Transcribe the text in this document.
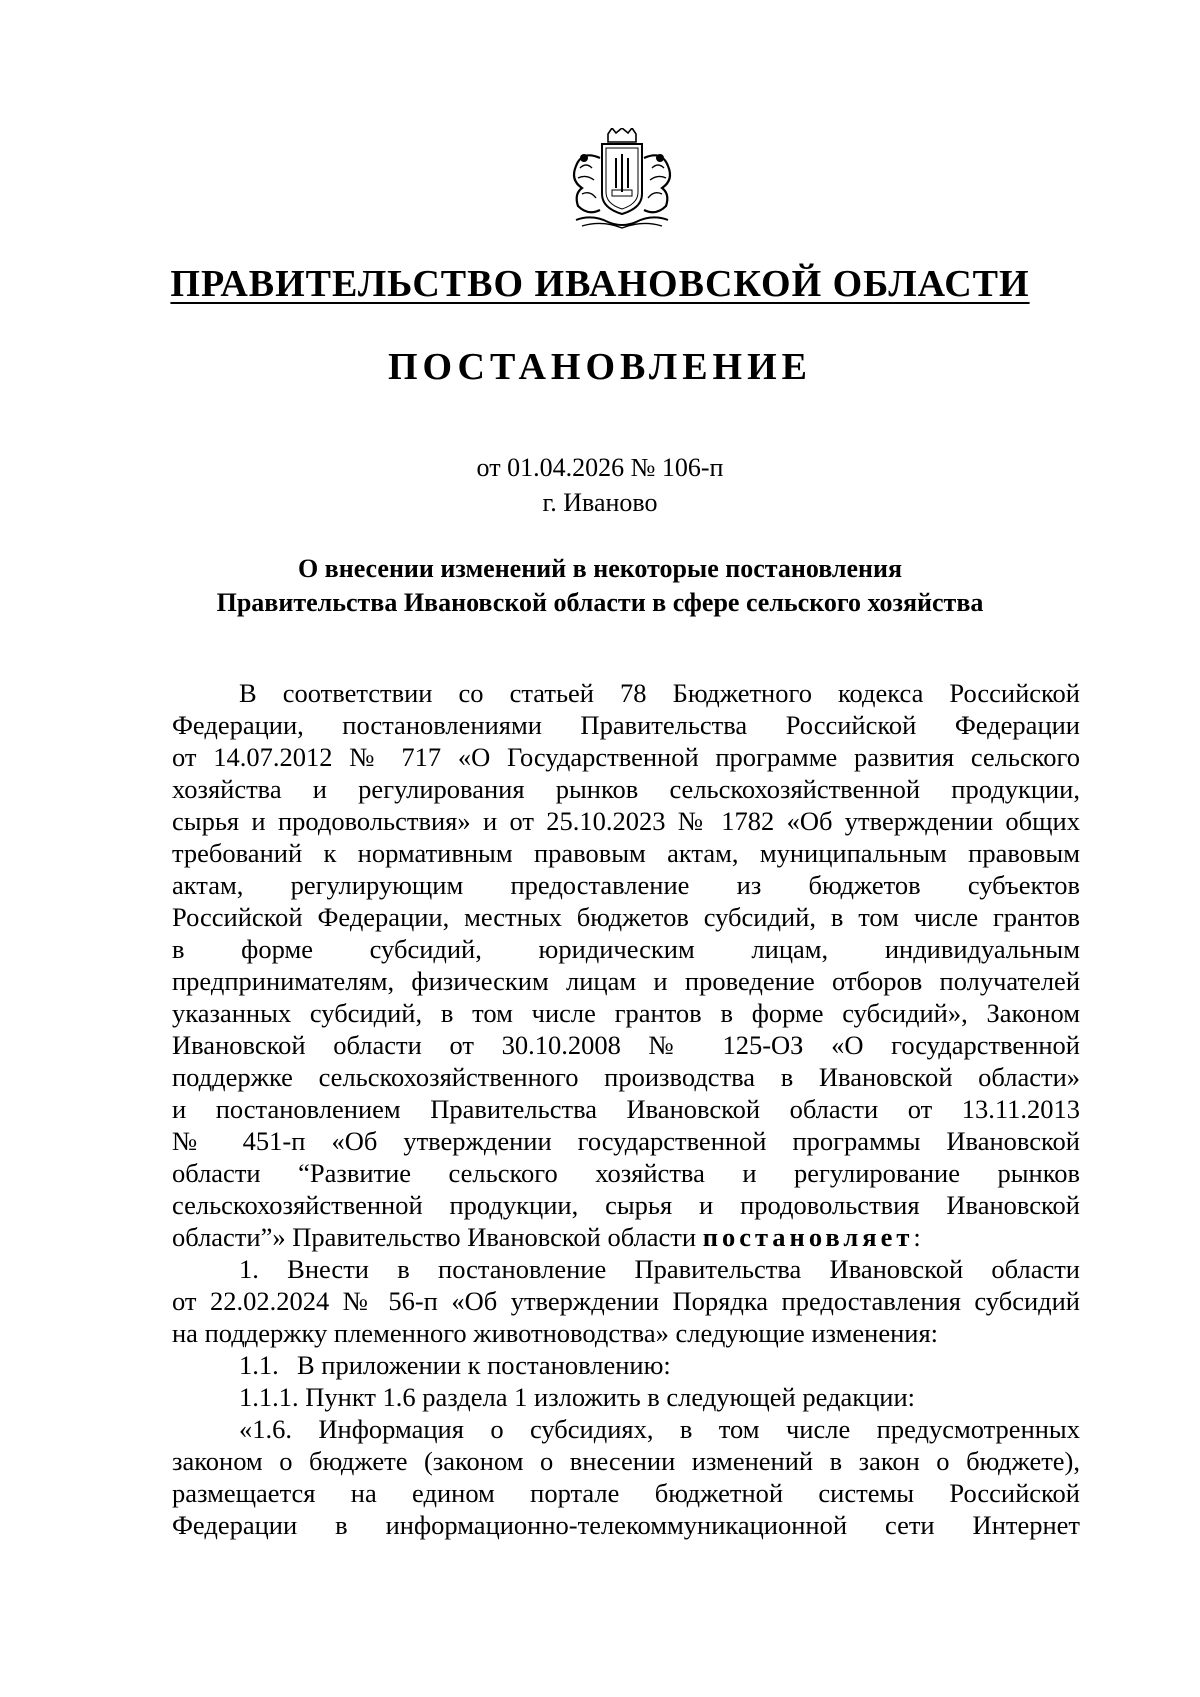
ПРАВИТЕЛЬСТВО ИВАНОВСКОЙ ОБЛАСТИ
ПОСТАНОВЛЕНИЕ
от 01.04.2026 № 106-п
г. Иваново
О внесении изменений в некоторые постановления
Правительства Ивановской области в сфере сельского хозяйства
В соответствии со статьей 78 Бюджетного кодекса Российской
Федерации, постановлениями Правительства Российской Федерации
от 14.07.2012 № 717 «О Государственной программе развития сельского
хозяйства и регулирования рынков сельскохозяйственной продукции,
сырья и продовольствия» и от 25.10.2023 № 1782 «Об утверждении общих
требований к нормативным правовым актам, муниципальным правовым
актам, регулирующим предоставление из бюджетов субъектов
Российской Федерации, местных бюджетов субсидий, в том числе грантов
в форме субсидий, юридическим лицам, индивидуальным
предпринимателям, физическим лицам и проведение отборов получателей
указанных субсидий, в том числе грантов в форме субсидий», Законом
Ивановской области от 30.10.2008 № 125-ОЗ «О государственной
поддержке сельскохозяйственного производства в Ивановской области»
и постановлением Правительства Ивановской области от 13.11.2013
№ 451-п «Об утверждении государственной программы Ивановской
области “Развитие сельского хозяйства и регулирование рынков
сельскохозяйственной продукции, сырья и продовольствия Ивановской
области”» Правительство Ивановской области постановляет:
1. Внести в постановление Правительства Ивановской области
от 22.02.2024 № 56-п «Об утверждении Порядка предоставления субсидий
на поддержку племенного животноводства» следующие изменения:
1.1. В приложении к постановлению:
1.1.1. Пункт 1.6 раздела 1 изложить в следующей редакции:
«1.6. Информация о субсидиях, в том числе предусмотренных
законом о бюджете (законом о внесении изменений в закон о бюджете),
размещается на едином портале бюджетной системы Российской
Федерации в информационно-телекоммуникационной сети Интернет
